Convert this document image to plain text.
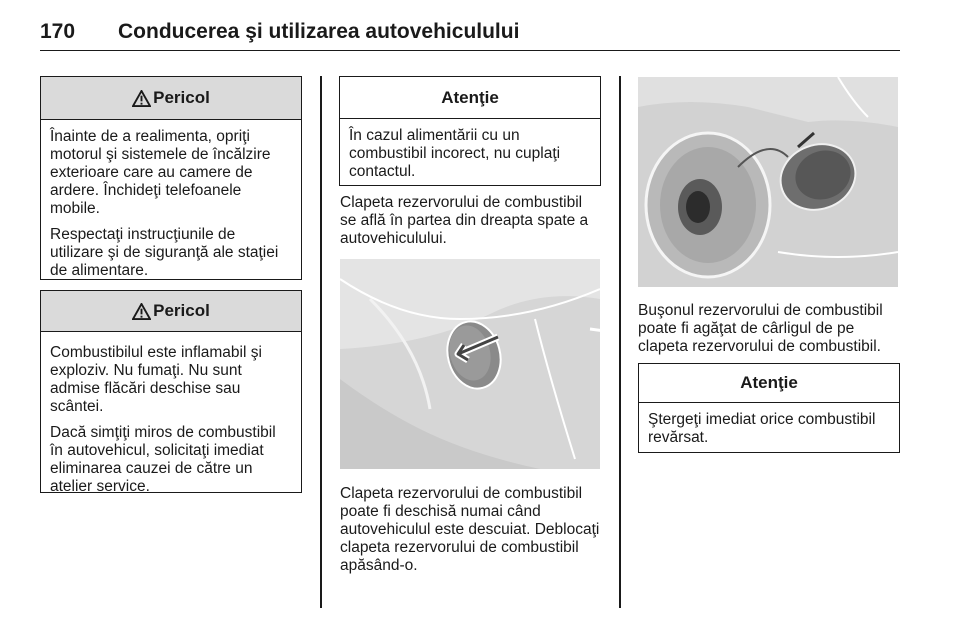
170	Conducerea şi utilizarea autovehiculului
Pericol

Înainte de a realimenta, opriţi motorul şi sistemele de încălzire exterioare care au camere de ardere. Închideţi telefoanele mobile.

Respectaţi instrucţiunile de utilizare şi de siguranţă ale staţiei de alimentare.

Pericol

Combustibilul este inflamabil şi exploziv. Nu fumaţi. Nu sunt admise flăcări deschise sau scântei.

Dacă simţiţi miros de combustibil în autovehicul, solicitaţi imediat eliminarea cauzei de către un atelier service.

Atenţie

În cazul alimentării cu un combustibil incorect, nu cuplaţi contactul.

Clapeta rezervorului de combustibil se află în partea din dreapta spate a autovehiculului.
Clapeta rezervorului de combustibil poate fi deschisă numai când autovehiculul este descuiat. Deblocaţi clapeta rezervorului de combustibil apăsând-o.
Buşonul rezervorului de combustibil poate fi agăţat de cârligul de pe clapeta rezervorului de combustibil.
Atenţie

Ştergeţi imediat orice combustibil revărsat.
